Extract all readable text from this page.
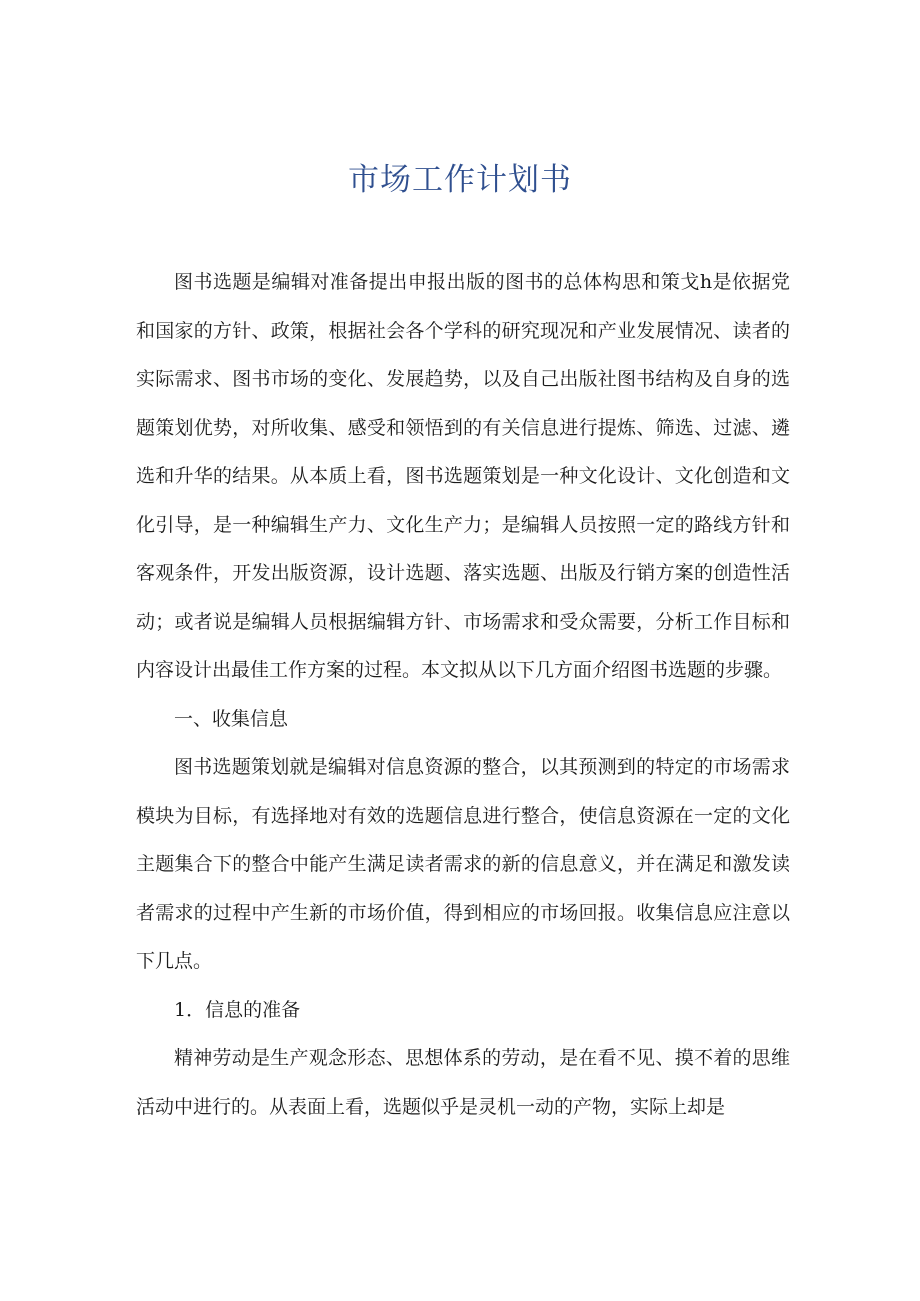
市场工作计划书

图书选题是编辑对准备提出申报出版的图书的总体构思和策戈h是依据党和国家的方针、政策，根据社会各个学科的研究现况和产业发展情况、读者的实际需求、图书市场的变化、发展趋势，以及自己出版社图书结构及自身的选题策划优势，对所收集、感受和领悟到的有关信息进行提炼、筛选、过滤、遴选和升华的结果。从本质上看，图书选题策划是一种文化设计、文化创造和文化引导，是一种编辑生产力、文化生产力；是编辑人员按照一定的路线方针和客观条件，开发出版资源，设计选题、落实选题、出版及行销方案的创造性活动；或者说是编辑人员根据编辑方针、市场需求和受众需要，分析工作目标和内容设计出最佳工作方案的过程。本文拟从以下几方面介绍图书选题的步骤。

一、收集信息

图书选题策划就是编辑对信息资源的整合，以其预测到的特定的市场需求模块为目标，有选择地对有效的选题信息进行整合，使信息资源在一定的文化主题集合下的整合中能产生满足读者需求的新的信息意义，并在满足和激发读者需求的过程中产生新的市场价值，得到相应的市场回报。收集信息应注意以下几点。

1．信息的准备

精神劳动是生产观念形态、思想体系的劳动，是在看不见、摸不着的思维活动中进行的。从表面上看，选题似乎是灵机一动的产物，实际上却是
